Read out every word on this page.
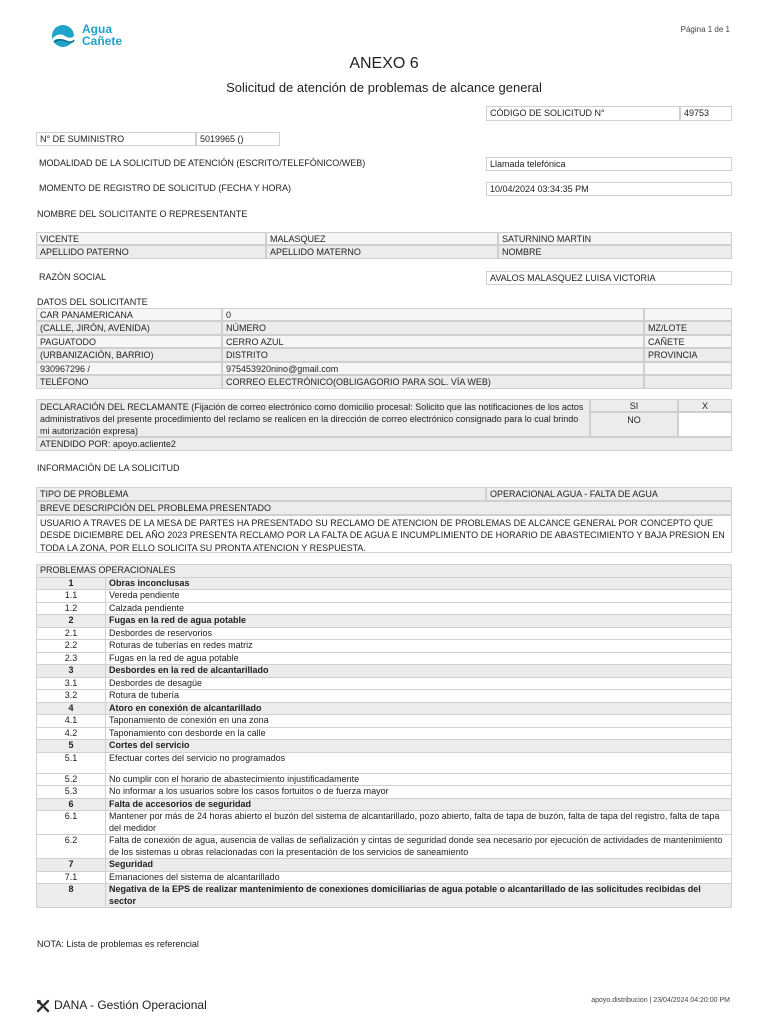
Agua
Cañete
Página 1 de 1
ANEXO 6
Solicitud de atención de problemas de alcance general
CÓDIGO DE SOLICITUD N°	49753
N° DE SUMINISTRO	5019965 ()
MODALIDAD DE LA SOLICITUD DE ATENCIÓN (ESCRITO/TELEFÓNICO/WEB)	Llamada telefónica
MOMENTO DE REGISTRO DE SOLICITUD (FECHA Y HORA)	10/04/2024 03:34:35 PM
NOMBRE DEL SOLICITANTE O REPRESENTANTE
VICENTE	MALASQUEZ	SATURNINO MARTIN
APELLIDO PATERNO	APELLIDO MATERNO	NOMBRE
RAZÓN SOCIAL	AVALOS MALASQUEZ LUISA VICTORIA
DATOS DEL SOLICITANTE
CAR PANAMERICANA	0
(CALLE, JIRÓN, AVENIDA)	NÚMERO	MZ/LOTE
PAGUATODO	CERRO AZUL	CAÑETE
(URBANIZACIÓN, BARRIO)	DISTRITO	PROVINCIA
930967296 /	975453920nino@gmail.com
TELÉFONO	CORREO ELECTRÓNICO(OBLIGAGORIO PARA SOL. VÍA WEB)
DECLARACIÓN DEL RECLAMANTE (Fijación de correo electrónico como domicilio procesal: Solicito que las notificaciones de los actos administrativos del presente procedimiento del reclamo se realicen en la dirección de correo electrónico consignado para lo cual brindo mi autorización expresa)
SI	X
NO
ATENDIDO POR: apoyo.acliente2
INFORMACIÓN DE LA SOLICITUD
TIPO DE PROBLEMA	OPERACIONAL AGUA - FALTA DE AGUA
BREVE DESCRIPCIÓN DEL PROBLEMA PRESENTADO
USUARIO A TRAVES DE LA MESA DE PARTES HA PRESENTADO SU RECLAMO DE ATENCION DE PROBLEMAS DE ALCANCE GENERAL POR CONCEPTO QUE DESDE DICIEMBRE DEL AÑO 2023 PRESENTA RECLAMO POR LA FALTA DE AGUA E INCUMPLIMIENTO DE HORARIO DE ABASTECIMIENTO Y BAJA PRESION EN TODA LA ZONA, POR ELLO SOLICITA SU PRONTA ATENCION Y RESPUESTA.
PROBLEMAS OPERACIONALES	
1	Obras inconclusas
1.1	Vereda pendiente
1.2	Calzada pendiente
2	Fugas en la red de agua potable
2.1	Desbordes de reservorios
2.2	Roturas de tuberías en redes matriz
2.3	Fugas en la red de agua potable
3	Desbordes en la red de alcantarillado
3.1	Desbordes de desagüe
3.2	Rotura de tubería
4	Atoro en conexión de alcantarillado
4.1	Taponamiento de conexión en una zona
4.2	Taponamiento con desborde en la calle
5	Cortes del servicio
5.1	Efectuar cortes del servicio no programados
5.2	No cumplir con el horario de abastecimiento injustificadamente
5.3	No informar a los usuarios sobre los casos fortuitos o de fuerza mayor
6	Falta de accesorios de seguridad
6.1	Mantener por más de 24 horas abierto el buzón del sistema de alcantarillado, pozo abierto, falta de tapa de buzón, falta de tapa del registro, falta de tapa del medidor
6.2	Falta de conexión de agua, ausencia de vallas de señalización y cintas de seguridad donde sea necesario por ejecución de actividades de mantenimiento de los sistemas u obras relacionadas con la presentación de los servicios de saneamiento
7	Seguridad
7.1	Emanaciones del sistema de alcantarillado
8	Negativa de la EPS de realizar mantenimiento de conexiones domiciliarias de agua potable o alcantarillado de las solicitudes recibidas del sector
NOTA: Lista de problemas es referencial
DANA - Gestión Operacional	apoyo.distribucion | 23/04/2024 04:20:00 PM
